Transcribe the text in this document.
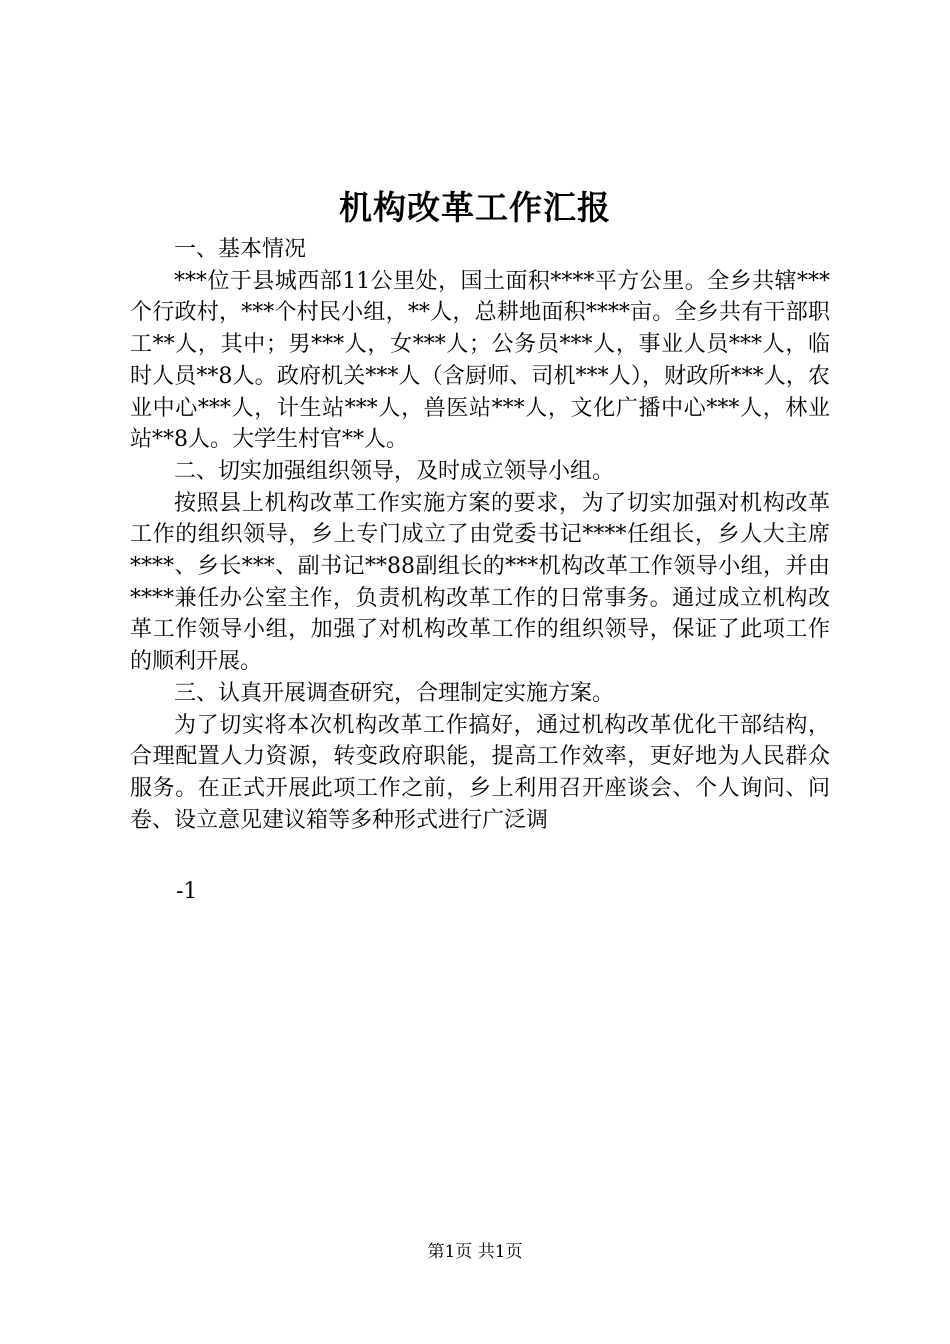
机构改革工作汇报

一、基本情况

***位于县城西部11公里处，国土面积****平方公里。全乡共辖***个行政村，***个村民小组，**人，总耕地面积****亩。全乡共有干部职工**人，其中；男***人，女***人；公务员***人，事业人员***人，临时人员**8人。政府机关***人（含厨师、司机***人），财政所***人，农业中心***人，计生站***人，兽医站***人，文化广播中心***人，林业站**8人。大学生村官**人。

二、切实加强组织领导，及时成立领导小组。

按照县上机构改革工作实施方案的要求，为了切实加强对机构改革工作的组织领导，乡上专门成立了由党委书记****任组长，乡人大主席****、乡长***、副书记**88副组长的***机构改革工作领导小组，并由****兼任办公室主作，负责机构改革工作的日常事务。通过成立机构改革工作领导小组，加强了对机构改革工作的组织领导，保证了此项工作的顺利开展。

三、认真开展调查研究，合理制定实施方案。

为了切实将本次机构改革工作搞好，通过机构改革优化干部结构，合理配置人力资源，转变政府职能，提高工作效率，更好地为人民群众服务。在正式开展此项工作之前，乡上利用召开座谈会、个人询问、问卷、设立意见建议箱等多种形式进行广泛调

-1
第1页 共1页
